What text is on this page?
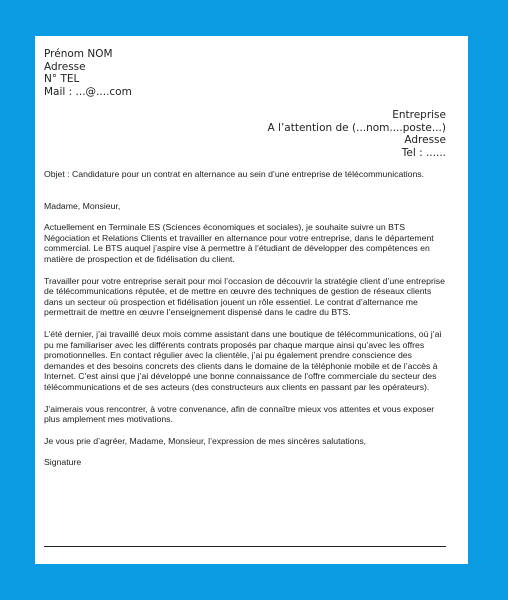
Prénom NOM
Adresse
N° TEL
Mail : ...@....com
Entreprise
A l’attention de (...nom....poste...)
Adresse
Tel : ......

Objet : Candidature pour un contrat en alternance au sein d’une entreprise de télécommunications.

Madame, Monsieur,

Actuellement en Terminale ES (Sciences économiques et sociales), je souhaite suivre un BTS Négociation et Relations Clients et travailler en alternance pour votre entreprise, dans le département commercial. Le BTS auquel j’aspire vise à permettre à l’étudiant de développer des compétences en matière de prospection et de fidélisation du client.

Travailler pour votre entreprise serait pour moi l’occasion de découvrir la stratégie client d’une entreprise de télécommunications réputée, et de mettre en œuvre des techniques de gestion de réseaux clients dans un secteur où prospection et fidélisation jouent un rôle essentiel. Le contrat d’alternance me permettrait de mettre en œuvre l’enseignement dispensé dans le cadre du BTS.

L’été dernier, j’ai travaillé deux mois comme assistant dans une boutique de télécommunications, où j’ai pu me familiariser avec les différents contrats proposés par chaque marque ainsi qu’avec les offres promotionnelles. En contact régulier avec la clientèle, j’ai pu également prendre conscience des demandes et des besoins concrets des clients dans le domaine de la téléphonie mobile et de l’accès à Internet. C’est ainsi que j’ai développé une bonne connaissance de l’offre commerciale du secteur des télécommunications et de ses acteurs (des constructeurs aux clients en passant par les opérateurs).

J’aimerais vous rencontrer, à votre convenance, afin de connaître mieux vos attentes et vous exposer plus amplement mes motivations.

Je vous prie d’agréer, Madame, Monsieur, l’expression de mes sincères salutations,

Signature
